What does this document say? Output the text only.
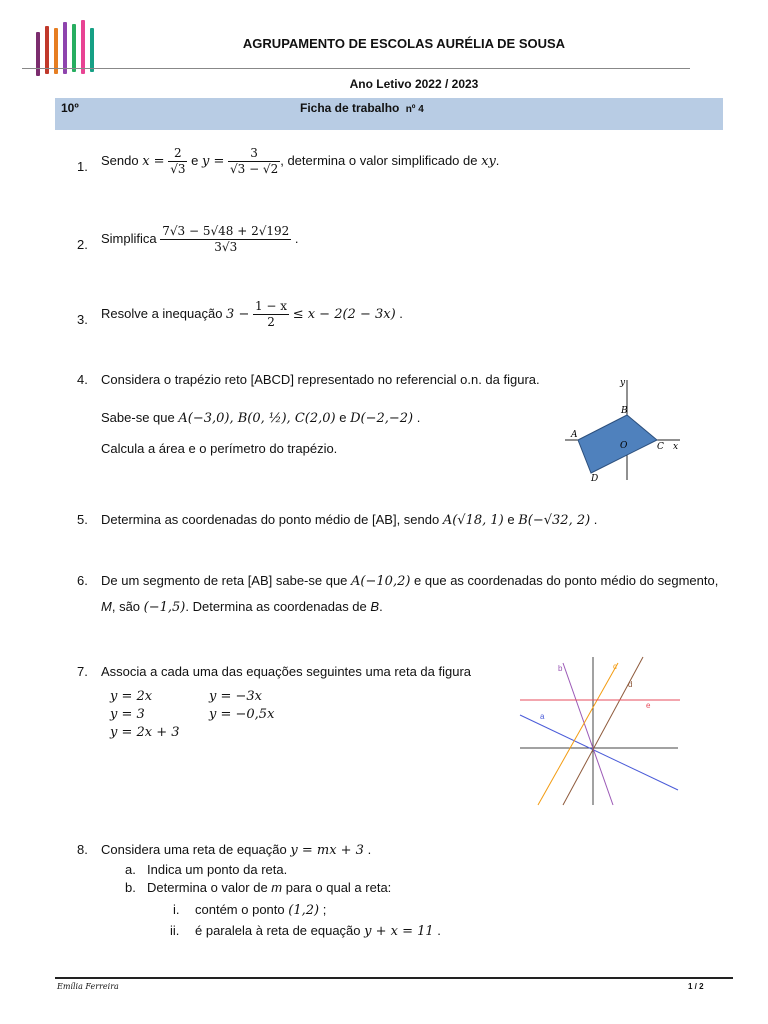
AGRUPAMENTO DE ESCOLAS AURÉLIA DE SOUSA
Ano Letivo 2022 / 2023
10º	Ficha de trabalho nº 4
1. Sendo $x = \frac{2}{√3}$ e $y = \frac{3}{√3 - √2}$ , determina o valor simplificado de xy.
2. Simplifica $\frac{7√3 - 5√48 + 2√192}{3√3}$ .
3. Resolve a inequação $3 - \frac{1 - x}{2} \le x - 2(2 - 3x)$ .
4. Considera o trapézio reto [ABCD] representado no referencial o.n. da figura.
Sabe-se que A(−3,0), B(0, ½), C(2,0) e D(−2,−2) .
Calcula a área e o perímetro do trapézio.
A
B
C
D
O	x
y
5. Determina as coordenadas do ponto médio de [AB], sendo A(√18, 1) e B(−√32, 2) .
6. De um segmento de reta [AB] sabe-se que A(−10,2) e que as coordenadas do ponto médio do segmento,
M, são (−1,5). Determina as coordenadas de B.
7. Associa a cada uma das equações seguintes uma reta da figura
y = 2x
y = 3
y = 2x + 3
y = −3x
y = −0,5x	a
b	c
d
e
8. Considera uma reta de equação y = mx + 3 .
a. Indica um ponto da reta.
b. Determina o valor de m para o qual a reta:
i. contém o ponto (1,2) ;
ii. é paralela à reta de equação y + x = 11 .
Emília Ferreira	1 / 2
